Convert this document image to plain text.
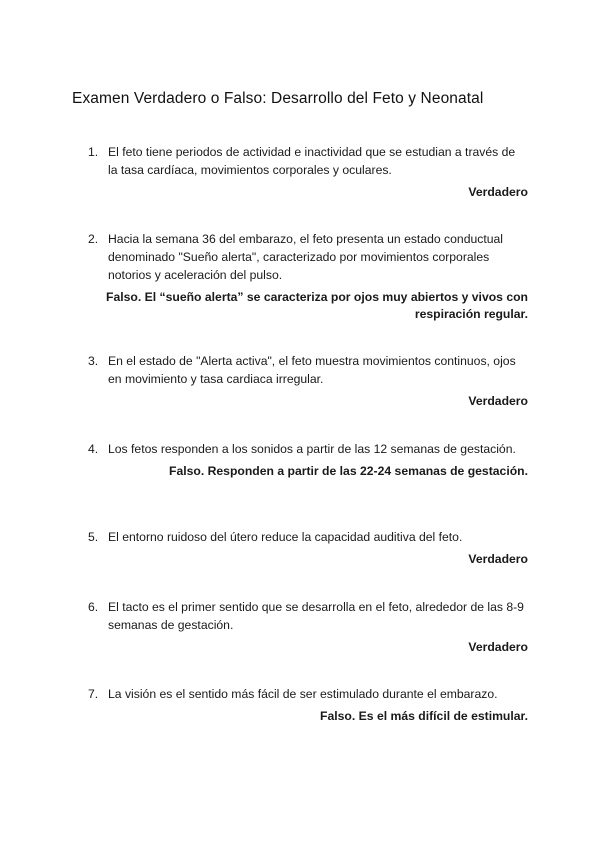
Examen Verdadero o Falso: Desarrollo del Feto y Neonatal
1. El feto tiene periodos de actividad e inactividad que se estudian a través de la tasa cardíaca, movimientos corporales y oculares.
Verdadero
2. Hacia la semana 36 del embarazo, el feto presenta un estado conductual denominado "Sueño alerta", caracterizado por movimientos corporales notorios y aceleración del pulso.
Falso. El “sueño alerta” se caracteriza por ojos muy abiertos y vivos con respiración regular.
3. En el estado de "Alerta activa", el feto muestra movimientos continuos, ojos en movimiento y tasa cardiaca irregular.
Verdadero
4. Los fetos responden a los sonidos a partir de las 12 semanas de gestación.
Falso. Responden a partir de las 22-24 semanas de gestación.
5. El entorno ruidoso del útero reduce la capacidad auditiva del feto.
Verdadero
6. El tacto es el primer sentido que se desarrolla en el feto, alrededor de las 8-9 semanas de gestación.
Verdadero
7. La visión es el sentido más fácil de ser estimulado durante el embarazo.
Falso. Es el más difícil de estimular.
